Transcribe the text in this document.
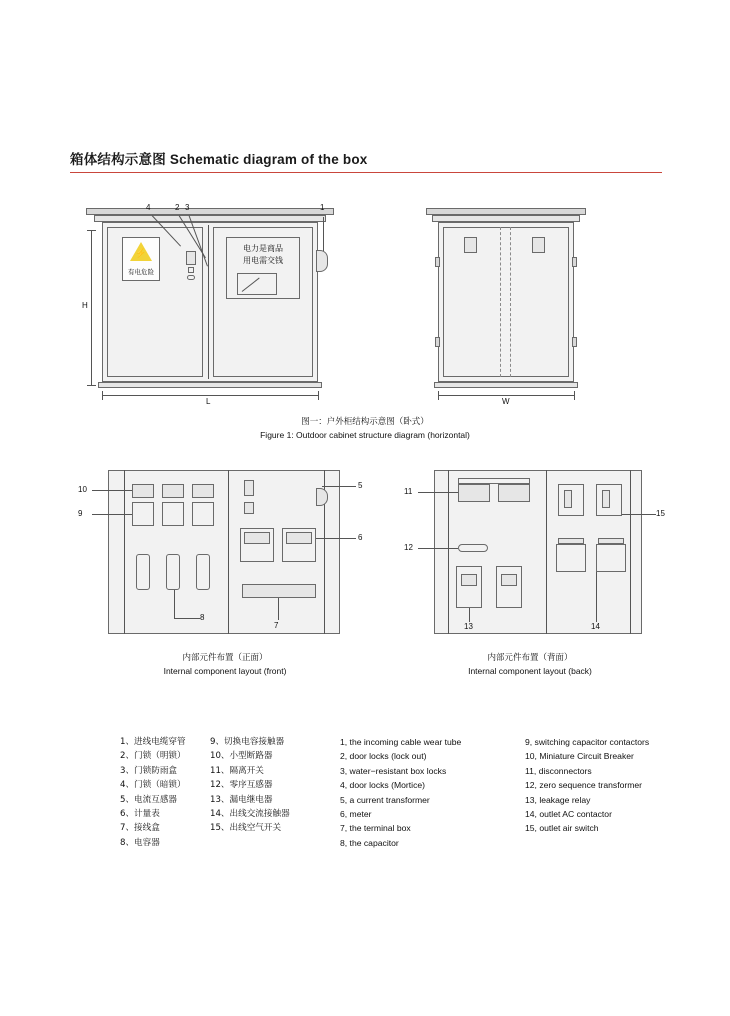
箱体结构示意图 Schematic diagram of the box
⚡
有电危险
电力是商品
用电需交钱
1
4	2 3
H
L	W
图一：户外柜结构示意图（卧式）
Figure 1: Outdoor cabinet structure diagram (horizontal)
10
9
5
6
8
7
内部元件布置（正面）
Internal component layout (front)
11
12
13	14
15
内部元件布置（背面）
Internal component layout (back)
1、进线电缆穿管
2、门锁（明锁）
3、门锁防雨盒
4、门锁（暗锁）
5、电流互感器
6、计量表
7、接线盒
8、电容器
9、切换电容接触器
10、小型断路器
11、隔离开关
12、零序互感器
13、漏电继电器
14、出线交流接触器
15、出线空气开关
1, the incoming cable wear tube
2, door locks (lock out)
3, water−resistant box locks
4, door locks (Mortice)
5, a current transformer
6, meter
7, the terminal box
8, the capacitor
9, switching capacitor contactors
10, Miniature Circuit Breaker
11, disconnectors
12, zero sequence transformer
13, leakage relay
14, outlet AC contactor
15, outlet air switch
